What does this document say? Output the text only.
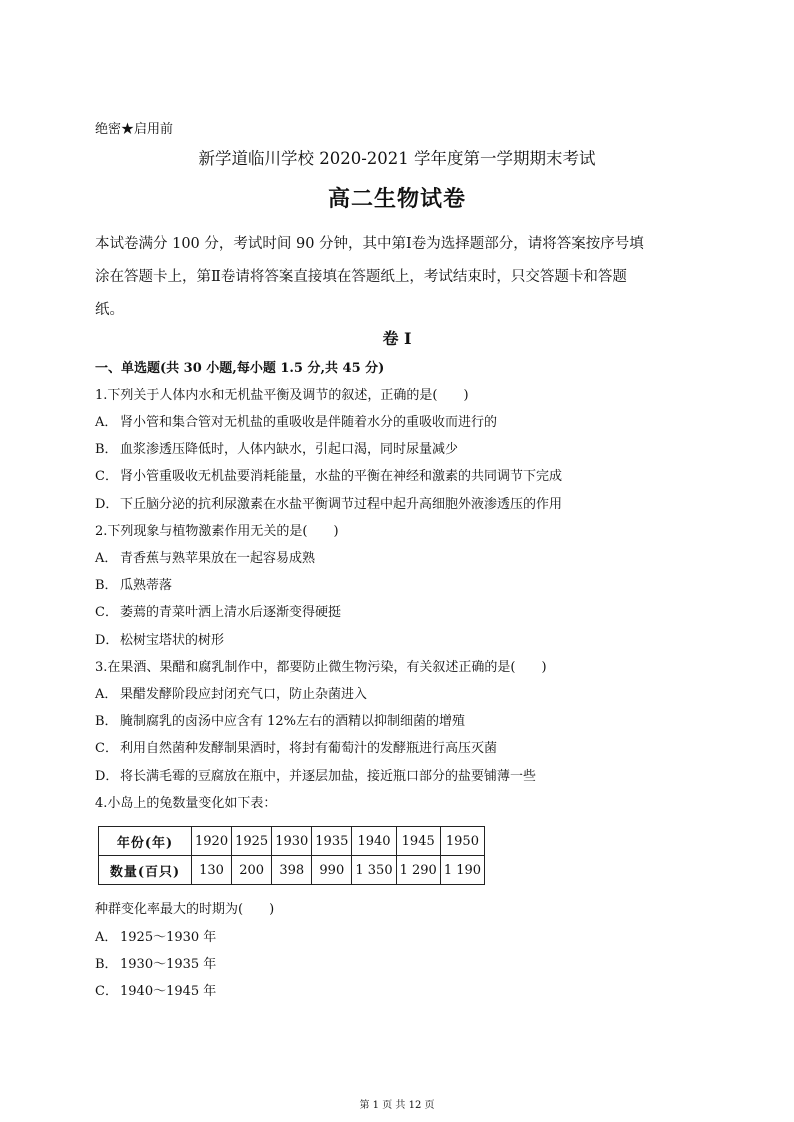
绝密★启用前
新学道临川学校 2020-2021 学年度第一学期期末考试
高二生物试卷

本试卷满分 100 分，考试时间 90 分钟，其中第Ⅰ卷为选择题部分，请将答案按序号填

涂在答题卡上，第Ⅱ卷请将答案直接填在答题纸上，考试结束时，只交答题卡和答题

纸。

卷 I
一、单选题(共 30 小题,每小题 1.5 分,共 45 分)
1.下列关于人体内水和无机盐平衡及调节的叙述，正确的是(　　)
A． 肾小管和集合管对无机盐的重吸收是伴随着水分的重吸收而进行的
B． 血浆渗透压降低时，人体内缺水，引起口渴，同时尿量减少
C． 肾小管重吸收无机盐要消耗能量，水盐的平衡在神经和激素的共同调节下完成
D． 下丘脑分泌的抗利尿激素在水盐平衡调节过程中起升高细胞外液渗透压的作用
2.下列现象与植物激素作用无关的是(　　)
A． 青香蕉与熟苹果放在一起容易成熟
B． 瓜熟蒂落
C． 萎蔫的青菜叶洒上清水后逐渐变得硬挺
D． 松树宝塔状的树形
3.在果酒、果醋和腐乳制作中，都要防止微生物污染，有关叙述正确的是(　　)
A． 果醋发酵阶段应封闭充气口，防止杂菌进入
B． 腌制腐乳的卤汤中应含有 12%左右的酒精以抑制细菌的增殖
C． 利用自然菌种发酵制果酒时，将封有葡萄汁的发酵瓶进行高压灭菌
D． 将长满毛霉的豆腐放在瓶中，并逐层加盐，接近瓶口部分的盐要铺薄一些
4.小岛上的兔数量变化如下表：
年份(年)	1920	1925	1930	1935	1940	1945	1950
数量(百只)	130	200	398	990	1 350	1 290	1 190
种群变化率最大的时期为(　　)
A． 1925～1930 年
B． 1930～1935 年
C． 1940～1945 年
第 1 页 共 12 页
